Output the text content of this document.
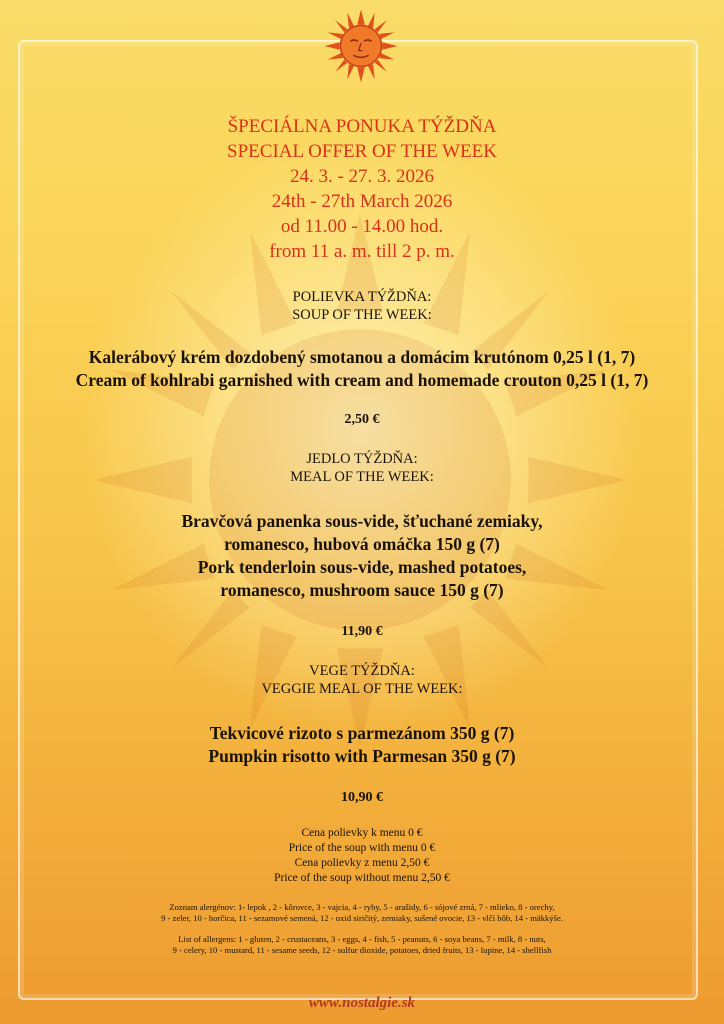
ŠPECIÁLNA PONUKA TÝŽDŇA

SPECIAL OFFER OF THE WEEK

24. 3. - 27. 3. 2026

24th - 27th March 2026

od 11.00 - 14.00 hod.

from 11 a. m. till 2 p. m.

POLIEVKA TÝŽDŇA:

SOUP OF THE WEEK:

Kalerábový krém dozdobený smotanou a domácim krutónom 0,25 l (1, 7)

Cream of kohlrabi garnished with cream and homemade crouton 0,25 l (1, 7)

2,50 €

JEDLO TÝŽDŇA:

MEAL OF THE WEEK:

Bravčová panenka sous-vide, šťuchané zemiaky,

romanesco, hubová omáčka 150 g (7)

Pork tenderloin sous-vide, mashed potatoes,

romanesco, mushroom sauce 150 g (7)

11,90 €

VEGE TÝŽDŇA:

VEGGIE MEAL OF THE WEEK:

Tekvicové rizoto s parmezánom 350 g (7)

Pumpkin risotto with Parmesan 350 g (7)

10,90 €

Cena polievky k menu 0 €

Price of the soup with menu 0 €

Cena polievky z menu 2,50 €

Price of the soup without menu 2,50 €

Zoznam alergénov: 1- lepok , 2 - kôrovce, 3 - vajcia, 4 - ryby, 5 - arašidy, 6 - sójové zrná, 7 - mlieko, 8 - orechy,

9 - zeler, 10 - horčica, 11 - sezamové semená, 12 - oxid siričitý, zemiaky, sušené ovocie, 13 - vlčí bôb, 14 - mäkkýše.

List of allergens: 1 - gluten, 2 - crustaceans, 3 - eggs, 4 - fish, 5 - peanuts, 6 - soya beans, 7 - milk, 8 - nuts,

9 - celery, 10 - mustard, 11 - sesame seeds, 12 - sulfur dioxide, potatoes, dried fruits, 13 - lupine, 14 - shellfish

www.nostalgie.sk
